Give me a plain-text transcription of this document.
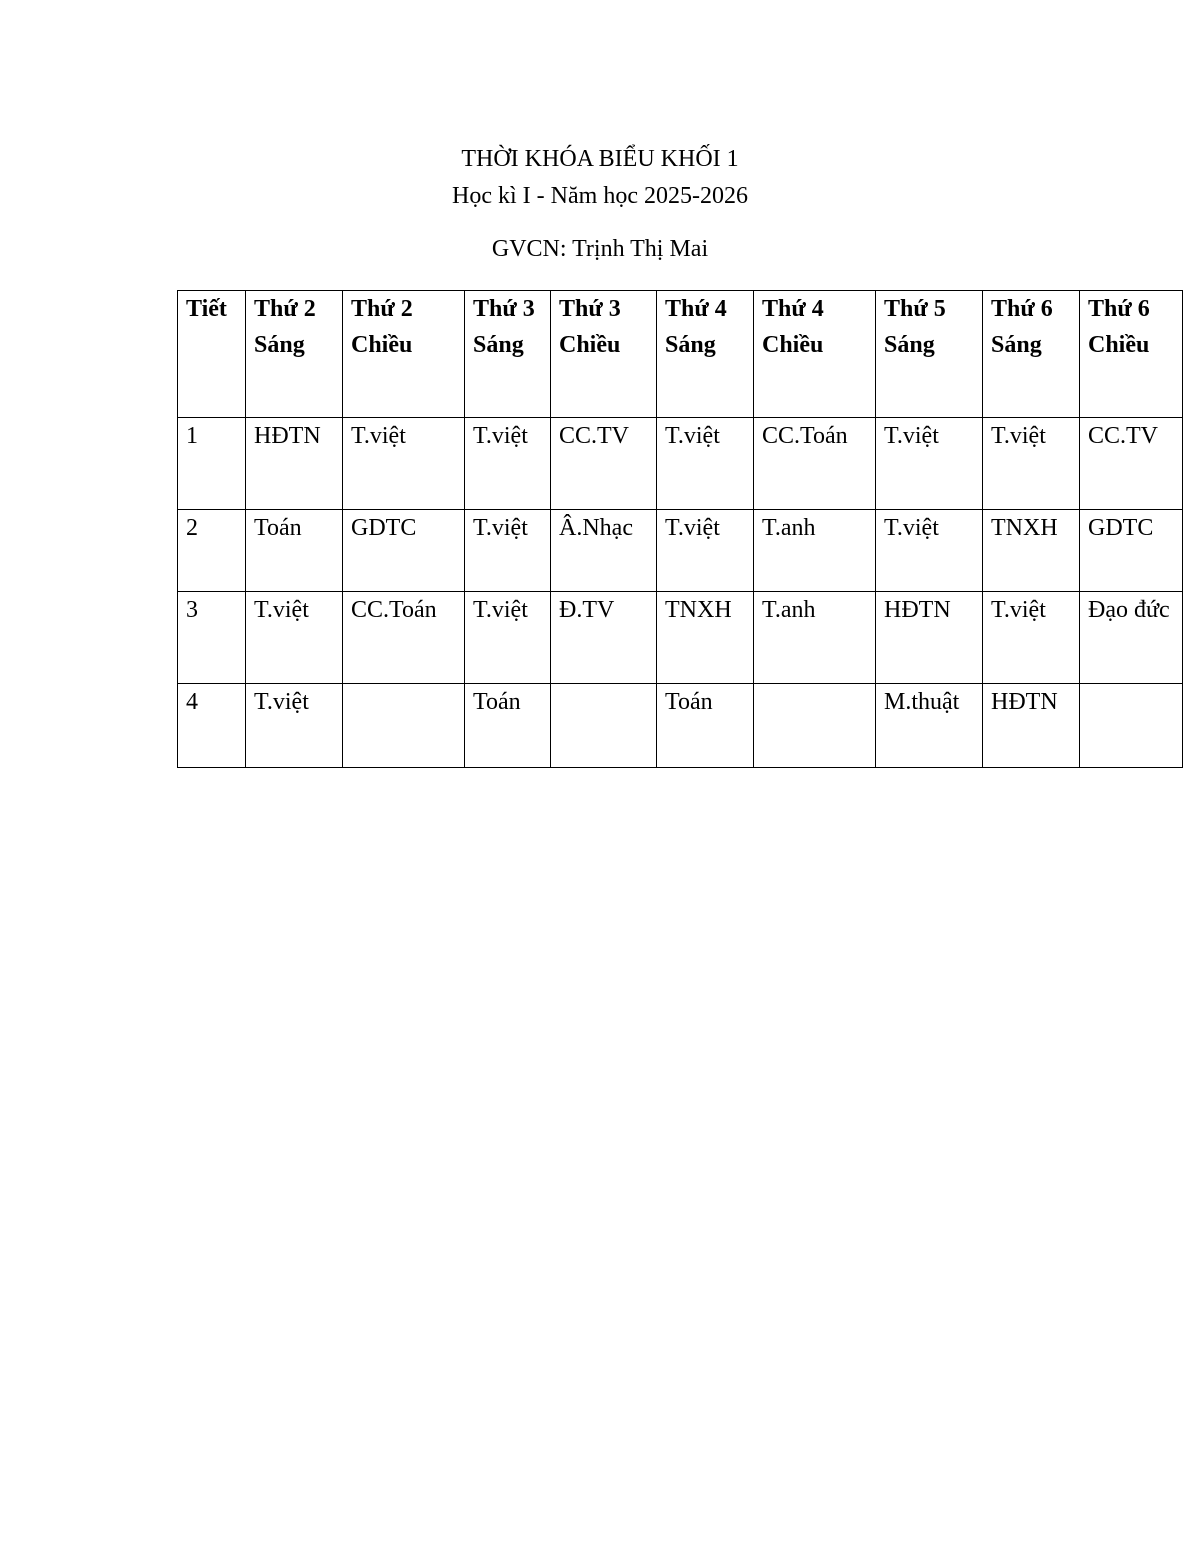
THỜI KHÓA BIỂU KHỐI 1
Học kì I - Năm học 2025-2026
GVCN: Trịnh Thị Mai
Tiết	Thứ 2 Sáng	Thứ 2 Chiều	Thứ 3 Sáng	Thứ 3 Chiều	Thứ 4 Sáng	Thứ 4 Chiều	Thứ 5 Sáng	Thứ 6 Sáng	Thứ 6 Chiều

1	HĐTN	T.việt	T.việt	CC.TV	T.việt	CC.Toán	T.việt	T.việt	CC.TV

2	Toán	GDTC	T.việt	Â.Nhạc	T.việt	T.anh	T.việt	TNXH	GDTC

3	T.việt	CC.Toán	T.việt	Đ.TV	TNXH	T.anh	HĐTN	T.việt	Đạo đức

4	T.việt		Toán		Toán		M.thuật	HĐTN	
